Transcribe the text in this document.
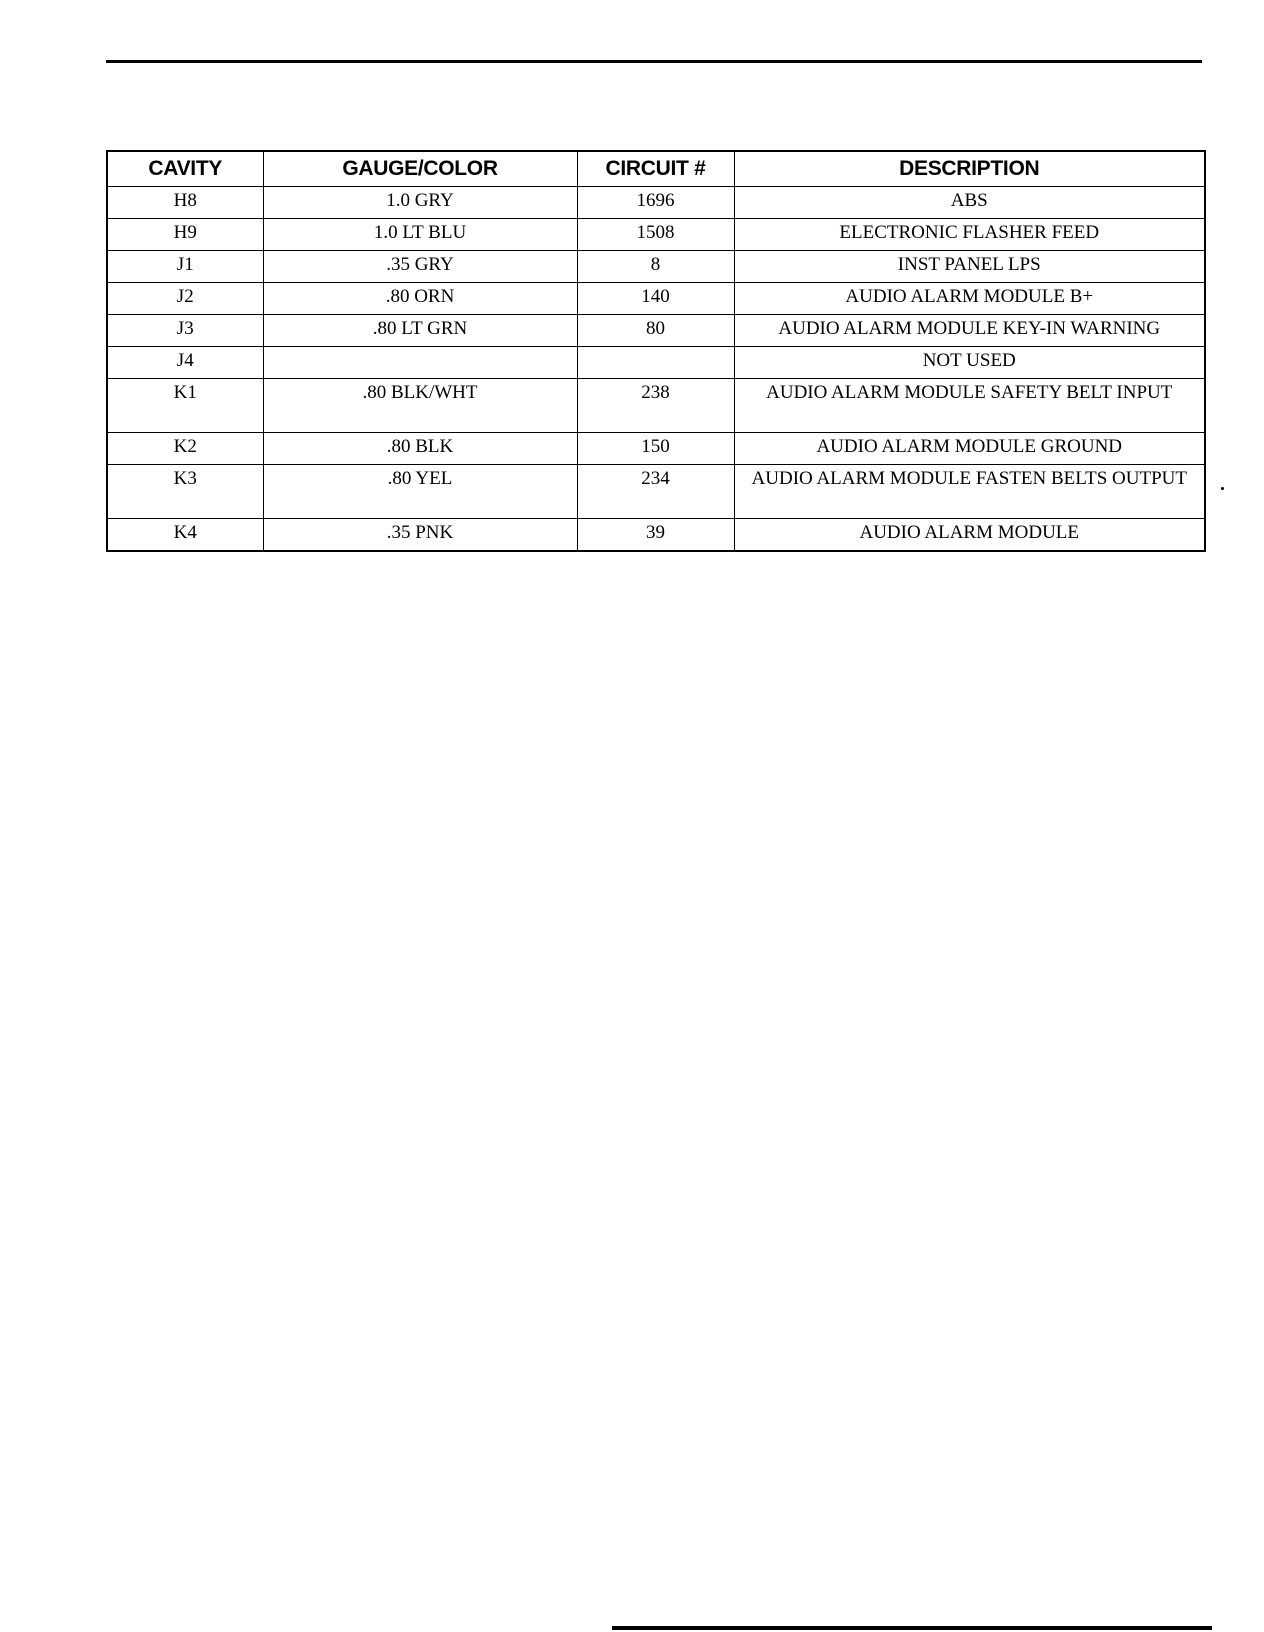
CAVITY	GAUGE/COLOR	CIRCUIT #	DESCRIPTION
H8	1.0 GRY	1696	ABS
H9	1.0 LT BLU	1508	ELECTRONIC FLASHER FEED
J1	.35 GRY	8	INST PANEL LPS
J2	.80 ORN	140	AUDIO ALARM MODULE B+
J3	.80 LT GRN	80	AUDIO ALARM MODULE KEY-IN WARNING
J4			NOT USED
K1	.80 BLK/WHT	238	AUDIO ALARM MODULE SAFETY BELT INPUT
K2	.80 BLK	150	AUDIO ALARM MODULE GROUND
K3	.80 YEL	234	AUDIO ALARM MODULE FASTEN BELTS OUTPUT
K4	.35 PNK	39	AUDIO ALARM MODULE
